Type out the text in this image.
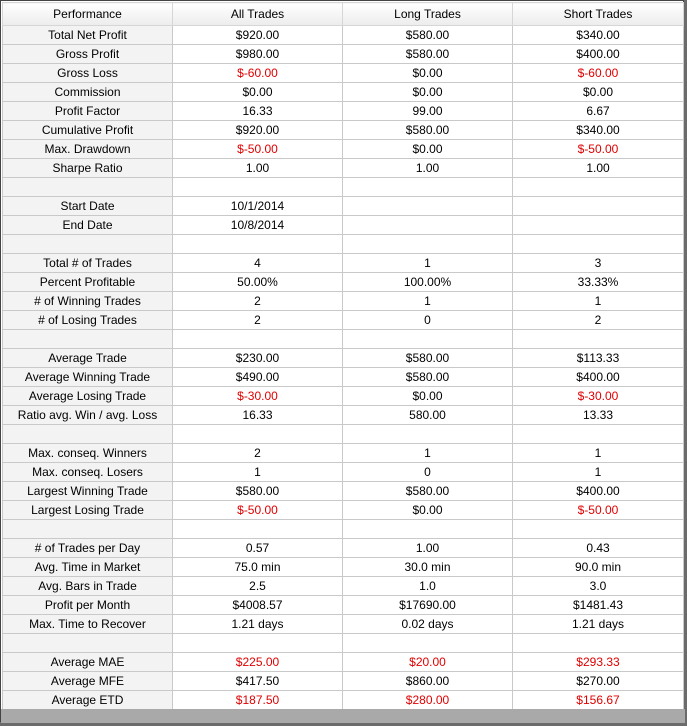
Performance	All Trades	Long Trades	Short Trades
Total Net Profit	$920.00	$580.00	$340.00
Gross Profit	$980.00	$580.00	$400.00
Gross Loss	$-60.00	$0.00	$-60.00
Commission	$0.00	$0.00	$0.00
Profit Factor	16.33	99.00	6.67
Cumulative Profit	$920.00	$580.00	$340.00
Max. Drawdown	$-50.00	$0.00	$-50.00
Sharpe Ratio	1.00	1.00	1.00

Start Date	10/1/2014		
End Date	10/8/2014		

Total # of Trades	4	1	3
Percent Profitable	50.00%	100.00%	33.33%
# of Winning Trades	2	1	1
# of Losing Trades	2	0	2

Average Trade	$230.00	$580.00	$113.33
Average Winning Trade	$490.00	$580.00	$400.00
Average Losing Trade	$-30.00	$0.00	$-30.00
Ratio avg. Win / avg. Loss	16.33	580.00	13.33

Max. conseq. Winners	2	1	1
Max. conseq. Losers	1	0	1
Largest Winning Trade	$580.00	$580.00	$400.00
Largest Losing Trade	$-50.00	$0.00	$-50.00

# of Trades per Day	0.57	1.00	0.43
Avg. Time in Market	75.0 min	30.0 min	90.0 min
Avg. Bars in Trade	2.5	1.0	3.0
Profit per Month	$4008.57	$17690.00	$1481.43
Max. Time to Recover	1.21 days	0.02 days	1.21 days

Average MAE	$225.00	$20.00	$293.33
Average MFE	$417.50	$860.00	$270.00
Average ETD	$187.50	$280.00	$156.67
